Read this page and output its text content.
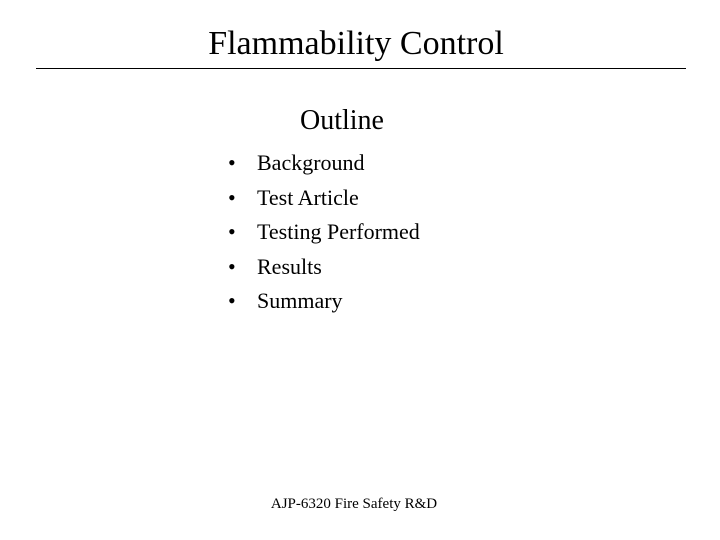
Flammability Control
Outline
• Background
• Test Article
• Testing Performed
• Results
• Summary
AJP-6320 Fire Safety R&D
